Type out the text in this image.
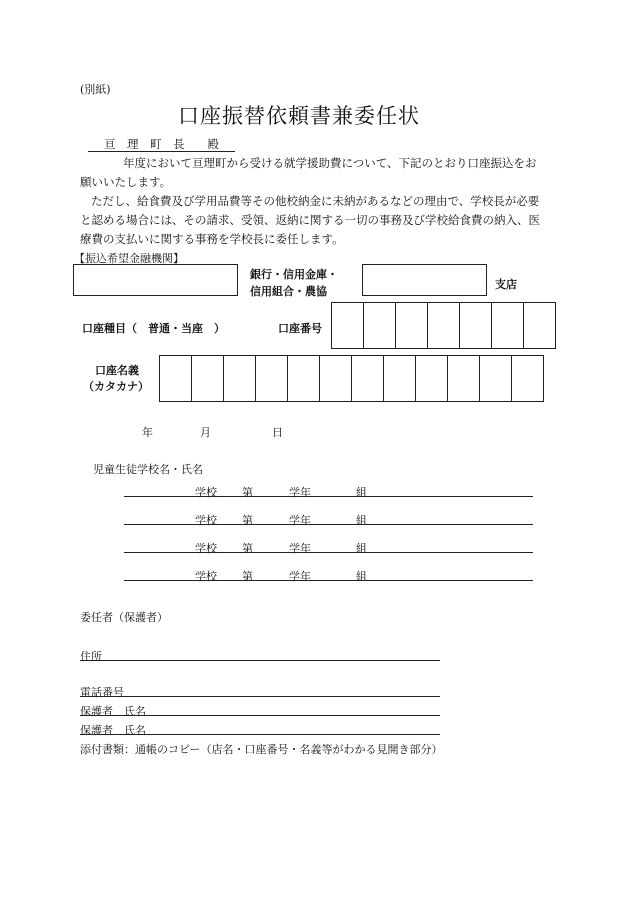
(別紙)
口座振替依頼書兼委任状
亘　理　町　長　　殿
年度において亘理町から受ける就学援助費について、下記のとおり口座振込をお
願いいたします。
ただし、給食費及び学用品費等その他校納金に未納があるなどの理由で、学校長が必要
と認める場合には、その請求、受領、返納に関する一切の事務及び学校給食費の納入、医
療費の支払いに関する事務を学校長に委任します。
【振込希望金融機関】
銀行・信用金庫・
信用組合・農協
支店
口座種目（　普通・当座　）	口座番号
口座名義
（カタカナ）
年	月	日
児童生徒学校名・氏名
学校 第	学年	組
学校 第	学年	組
学校 第	学年	組
学校 第	学年	組
委任者（保護者）
住所
電話番号
保護者　氏名
保護者　氏名
添付書類：通帳のコピー（店名・口座番号・名義等がわかる見開き部分）
